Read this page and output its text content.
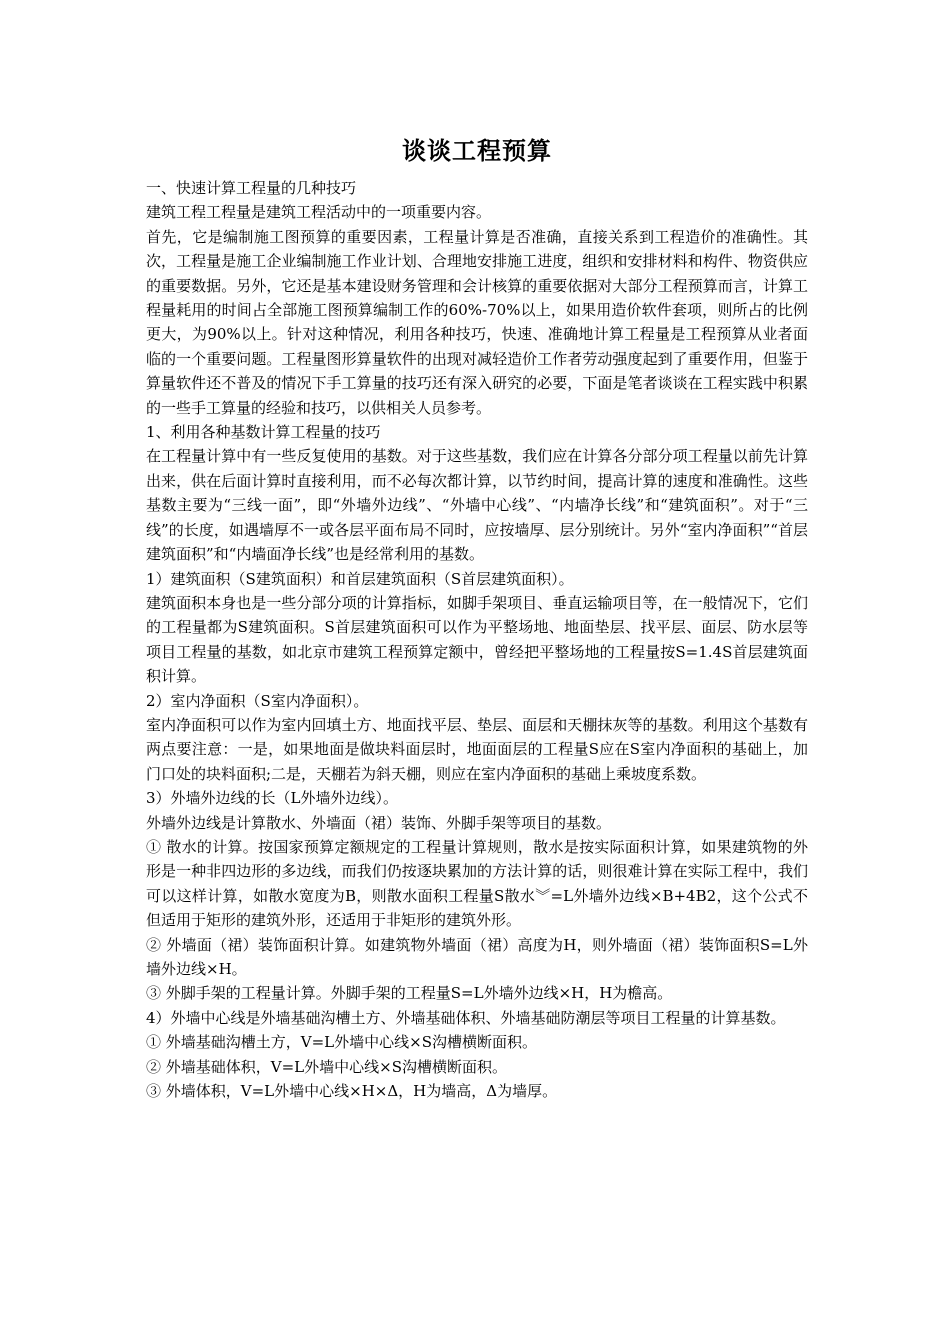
谈谈工程预算

一、快速计算工程量的几种技巧

建筑工程工程量是建筑工程活动中的一项重要内容。

首先，它是编制施工图预算的重要因素，工程量计算是否准确，直接关系到工程造价的准确性。其次，工程量是施工企业编制施工作业计划、合理地安排施工进度，组织和安排材料和构件、物资供应的重要数据。另外，它还是基本建设财务管理和会计核算的重要依据对大部分工程预算而言，计算工程量耗用的时间占全部施工图预算编制工作的60%-70%以上，如果用造价软件套项，则所占的比例更大，为90%以上。针对这种情况，利用各种技巧，快速、准确地计算工程量是工程预算从业者面临的一个重要问题。工程量图形算量软件的出现对减轻造价工作者劳动强度起到了重要作用，但鉴于算量软件还不普及的情况下手工算量的技巧还有深入研究的必要，下面是笔者谈谈在工程实践中积累的一些手工算量的经验和技巧，以供相关人员参考。

1、利用各种基数计算工程量的技巧

在工程量计算中有一些反复使用的基数。对于这些基数，我们应在计算各分部分项工程量以前先计算出来，供在后面计算时直接利用，而不必每次都计算，以节约时间，提高计算的速度和准确性。这些基数主要为“三线一面”，即“外墙外边线”、“外墙中心线”、“内墙净长线”和“建筑面积”。对于“三线”的长度，如遇墙厚不一或各层平面布局不同时，应按墙厚、层分别统计。另外“室内净面积”“首层建筑面积”和“内墙面净长线”也是经常利用的基数。

1）建筑面积（S建筑面积）和首层建筑面积（S首层建筑面积）。

建筑面积本身也是一些分部分项的计算指标，如脚手架项目、垂直运输项目等，在一般情况下，它们的工程量都为S建筑面积。S首层建筑面积可以作为平整场地、地面垫层、找平层、面层、防水层等项目工程量的基数，如北京市建筑工程预算定额中，曾经把平整场地的工程量按S=1.4S首层建筑面积计算。

2）室内净面积（S室内净面积）。

室内净面积可以作为室内回填土方、地面找平层、垫层、面层和天棚抹灰等的基数。利用这个基数有两点要注意：一是，如果地面是做块料面层时，地面面层的工程量S应在S室内净面积的基础上，加门口处的块料面积;二是，天棚若为斜天棚，则应在室内净面积的基础上乘坡度系数。

3）外墙外边线的长（L外墙外边线）。

外墙外边线是计算散水、外墙面（裙）装饰、外脚手架等项目的基数。

① 散水的计算。按国家预算定额规定的工程量计算规则，散水是按实际面积计算，如果建筑物的外形是一种非四边形的多边线，而我们仍按逐块累加的方法计算的话，则很难计算在实际工程中，我们可以这样计算，如散水宽度为B，则散水面积工程量S散水︾=L外墙外边线×B+4B2，这个公式不但适用于矩形的建筑外形，还适用于非矩形的建筑外形。

② 外墙面（裙）装饰面积计算。如建筑物外墙面（裙）高度为H，则外墙面（裙）装饰面积S=L外墙外边线×H。

③ 外脚手架的工程量计算。外脚手架的工程量S=L外墙外边线×H，H为檐高。

4）外墙中心线是外墙基础沟槽土方、外墙基础体积、外墙基础防潮层等项目工程量的计算基数。

① 外墙基础沟槽土方，V=L外墙中心线×S沟槽横断面积。

② 外墙基础体积，V=L外墙中心线×S沟槽横断面积。

③ 外墙体积，V=L外墙中心线×H×Δ，H为墙高，Δ为墙厚。
